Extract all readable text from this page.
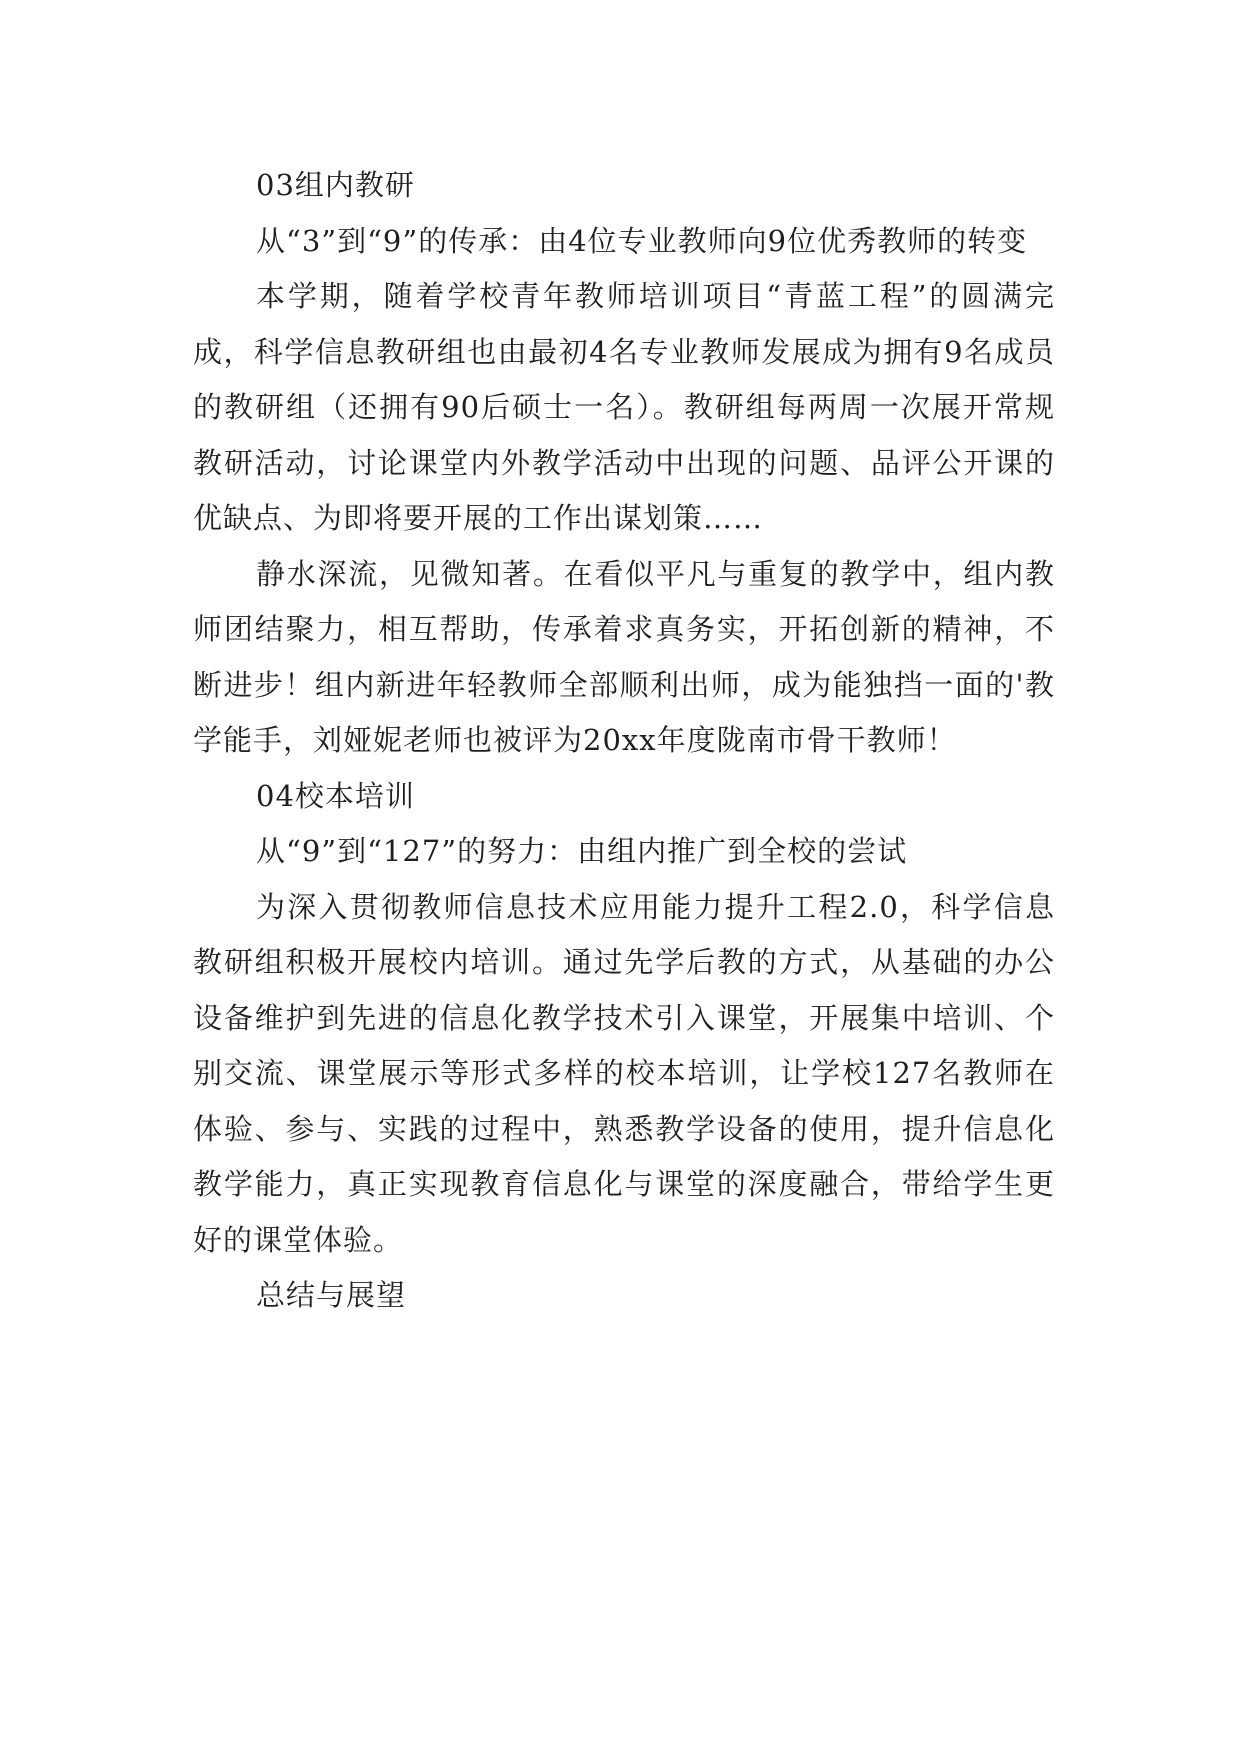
03组内教研

从“3”到“9”的传承：由4位专业教师向9位优秀教师的转变

本学期，随着学校青年教师培训项目“青蓝工程”的圆满完成，科学信息教研组也由最初4名专业教师发展成为拥有9名成员的教研组（还拥有90后硕士一名）。教研组每两周一次展开常规教研活动，讨论课堂内外教学活动中出现的问题、品评公开课的优缺点、为即将要开展的工作出谋划策……

静水深流，见微知著。在看似平凡与重复的教学中，组内教师团结聚力，相互帮助，传承着求真务实，开拓创新的精神，不断进步！组内新进年轻教师全部顺利出师，成为能独挡一面的'教学能手，刘娅妮老师也被评为20xx年度陇南市骨干教师！

04校本培训

从“9”到“127”的努力：由组内推广到全校的尝试

为深入贯彻教师信息技术应用能力提升工程2.0，科学信息教研组积极开展校内培训。通过先学后教的方式，从基础的办公设备维护到先进的信息化教学技术引入课堂，开展集中培训、个别交流、课堂展示等形式多样的校本培训，让学校127名教师在体验、参与、实践的过程中，熟悉教学设备的使用，提升信息化教学能力，真正实现教育信息化与课堂的深度融合，带给学生更好的课堂体验。

总结与展望
